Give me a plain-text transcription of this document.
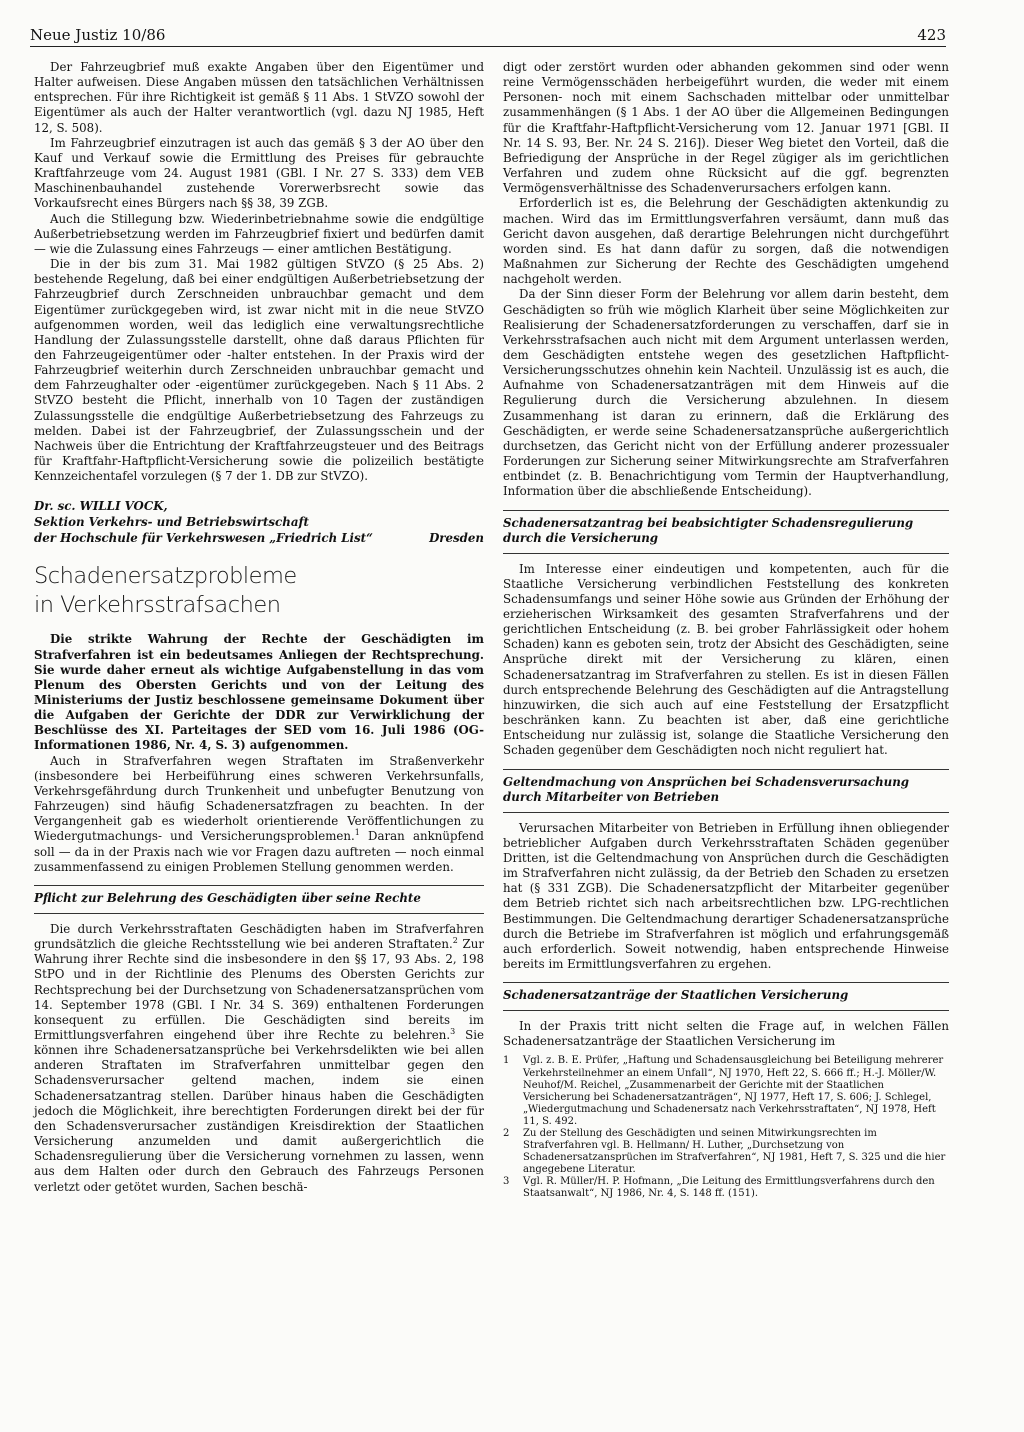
Neue Justiz 10/86	423

Der Fahrzeugbrief muß exakte Angaben über den Eigentümer und Halter aufweisen. Diese Angaben müssen den tatsächlichen Verhältnissen entsprechen. Für ihre Richtigkeit ist gemäß § 11 Abs. 1 StVZO sowohl der Eigentümer als auch der Halter verantwortlich (vgl. dazu NJ 1985, Heft 12, S. 508).

Im Fahrzeugbrief einzutragen ist auch das gemäß § 3 der AO über den Kauf und Verkauf sowie die Ermittlung des Preises für gebrauchte Kraftfahrzeuge vom 24. August 1981 (GBl. I Nr. 27 S. 333) dem VEB Maschinenbauhandel zustehende Vorerwerbsrecht sowie das Vorkaufsrecht eines Bürgers nach §§ 38, 39 ZGB.

Auch die Stillegung bzw. Wiederinbetriebnahme sowie die endgültige Außerbetriebsetzung werden im Fahrzeugbrief fixiert und bedürfen damit — wie die Zulassung eines Fahrzeugs — einer amtlichen Bestätigung.

Die in der bis zum 31. Mai 1982 gültigen StVZO (§ 25 Abs. 2) bestehende Regelung, daß bei einer endgültigen Außerbetriebsetzung der Fahrzeugbrief durch Zerschneiden unbrauchbar gemacht und dem Eigentümer zurückgegeben wird, ist zwar nicht mit in die neue StVZO aufgenommen worden, weil das lediglich eine verwaltungsrechtliche Handlung der Zulassungsstelle darstellt, ohne daß daraus Pflichten für den Fahrzeugeigentümer oder -halter entstehen. In der Praxis wird der Fahrzeugbrief weiterhin durch Zerschneiden unbrauchbar gemacht und dem Fahrzeughalter oder -eigentümer zurückgegeben. Nach § 11 Abs. 2 StVZO besteht die Pflicht, innerhalb von 10 Tagen der zuständigen Zulassungsstelle die endgültige Außerbetriebsetzung des Fahrzeugs zu melden. Dabei ist der Fahrzeugbrief, der Zulassungsschein und der Nachweis über die Entrichtung der Kraftfahrzeugsteuer und des Beitrags für Kraftfahr-Haftpflicht-Versicherung sowie die polizeilich bestätigte Kennzeichentafel vorzulegen (§ 7 der 1. DB zur StVZO).

Dr. sc. WILLI VOCK,
Sektion Verkehrs- und Betriebswirtschaft
der Hochschule für Verkehrswesen „Friedrich List“	Dresden
Schadenersatzprobleme
in Verkehrsstrafsachen

Die strikte Wahrung der Rechte der Geschädigten im Strafverfahren ist ein bedeutsames Anliegen der Rechtsprechung. Sie wurde daher erneut als wichtige Aufgabenstellung in das vom Plenum des Obersten Gerichts und von der Leitung des Ministeriums der Justiz beschlossene gemeinsame Dokument über die Aufgaben der Gerichte der DDR zur Verwirklichung der Beschlüsse des XI. Parteitages der SED vom 16. Juli 1986 (OG-Informationen 1986, Nr. 4, S. 3) aufgenommen.

Auch in Strafverfahren wegen Straftaten im Straßenverkehr (insbesondere bei Herbeiführung eines schweren Verkehrsunfalls, Verkehrsgefährdung durch Trunkenheit und unbefugter Benutzung von Fahrzeugen) sind häufig Schadenersatzfragen zu beachten. In der Vergangenheit gab es wiederholt orientierende Veröffentlichungen zu Wiedergutmachungs- und Versicherungsproblemen.$^1$ Daran anknüpfend soll — da in der Praxis nach wie vor Fragen dazu auftreten — noch einmal zusammenfassend zu einigen Problemen Stellung genommen werden.

Pflicht zur Belehrung des Geschädigten über seine Rechte

Die durch Verkehrsstraftaten Geschädigten haben im Strafverfahren grundsätzlich die gleiche Rechtsstellung wie bei anderen Straftaten.$^2$ Zur Wahrung ihrer Rechte sind die insbesondere in den §§ 17, 93 Abs. 2, 198 StPO und in der Richtlinie des Plenums des Obersten Gerichts zur Rechtsprechung bei der Durchsetzung von Schadenersatzansprüchen vom 14. September 1978 (GBl. I Nr. 34 S. 369) enthaltenen Forderungen konsequent zu erfüllen. Die Geschädigten sind bereits im Ermittlungsverfahren eingehend über ihre Rechte zu belehren.$^3$ Sie können ihre Schadenersatzansprüche bei Verkehrsdelikten wie bei allen anderen Straftaten im Strafverfahren unmittelbar gegen den Schadensverursacher geltend machen, indem sie einen Schadenersatzantrag stellen. Darüber hinaus haben die Geschädigten jedoch die Möglichkeit, ihre berechtigten Forderungen direkt bei der für den Schadensverursacher zuständigen Kreisdirektion der Staatlichen Versicherung anzumelden und damit außergerichtlich die Schadensregulierung über die Versicherung vornehmen zu lassen, wenn aus dem Halten oder durch den Gebrauch des Fahrzeugs Personen verletzt oder getötet wurden, Sachen beschä-

digt oder zerstört wurden oder abhanden gekommen sind oder wenn reine Vermögensschäden herbeigeführt wurden, die weder mit einem Personen- noch mit einem Sachschaden mittelbar oder unmittelbar zusammenhängen (§ 1 Abs. 1 der AO über die Allgemeinen Bedingungen für die Kraftfahr-Haftpflicht-Versicherung vom 12. Januar 1971 [GBl. II Nr. 14 S. 93, Ber. Nr. 24 S. 216]). Dieser Weg bietet den Vorteil, daß die Befriedigung der Ansprüche in der Regel zügiger als im gerichtlichen Verfahren und zudem ohne Rücksicht auf die ggf. begrenzten Vermögensverhältnisse des Schadenverursachers erfolgen kann.

Erforderlich ist es, die Belehrung der Geschädigten aktenkundig zu machen. Wird das im Ermittlungsverfahren versäumt, dann muß das Gericht davon ausgehen, daß derartige Belehrungen nicht durchgeführt worden sind. Es hat dann dafür zu sorgen, daß die notwendigen Maßnahmen zur Sicherung der Rechte des Geschädigten umgehend nachgeholt werden.

Da der Sinn dieser Form der Belehrung vor allem darin besteht, dem Geschädigten so früh wie möglich Klarheit über seine Möglichkeiten zur Realisierung der Schadenersatzforderungen zu verschaffen, darf sie in Verkehrsstrafsachen auch nicht mit dem Argument unterlassen werden, dem Geschädigten entstehe wegen des gesetzlichen Haftpflicht-Versicherungsschutzes ohnehin kein Nachteil. Unzulässig ist es auch, die Aufnahme von Schadenersatzanträgen mit dem Hinweis auf die Regulierung durch die Versicherung abzulehnen. In diesem Zusammenhang ist daran zu erinnern, daß die Erklärung des Geschädigten, er werde seine Schadenersatzansprüche außergerichtlich durchsetzen, das Gericht nicht von der Erfüllung anderer prozessualer Forderungen zur Sicherung seiner Mitwirkungsrechte am Strafverfahren entbindet (z. B. Benachrichtigung vom Termin der Hauptverhandlung, Information über die abschließende Entscheidung).

Schadenersatzantrag bei beabsichtigter Schadensregulierung durch die Versicherung

Im Interesse einer eindeutigen und kompetenten, auch für die Staatliche Versicherung verbindlichen Feststellung des konkreten Schadensumfangs und seiner Höhe sowie aus Gründen der Erhöhung der erzieherischen Wirksamkeit des gesamten Strafverfahrens und der gerichtlichen Entscheidung (z. B. bei grober Fahrlässigkeit oder hohem Schaden) kann es geboten sein, trotz der Absicht des Geschädigten, seine Ansprüche direkt mit der Versicherung zu klären, einen Schadenersatzantrag im Strafverfahren zu stellen. Es ist in diesen Fällen durch entsprechende Belehrung des Geschädigten auf die Antragstellung hinzuwirken, die sich auch auf eine Feststellung der Ersatzpflicht beschränken kann. Zu beachten ist aber, daß eine gerichtliche Entscheidung nur zulässig ist, solange die Staatliche Versicherung den Schaden gegenüber dem Geschädigten noch nicht reguliert hat.

Geltendmachung von Ansprüchen bei Schadensverursachung durch Mitarbeiter von Betrieben

Verursachen Mitarbeiter von Betrieben in Erfüllung ihnen obliegender betrieblicher Aufgaben durch Verkehrsstraftaten Schäden gegenüber Dritten, ist die Geltendmachung von Ansprüchen durch die Geschädigten im Strafverfahren nicht zulässig, da der Betrieb den Schaden zu ersetzen hat (§ 331 ZGB). Die Schadenersatzpflicht der Mitarbeiter gegenüber dem Betrieb richtet sich nach arbeitsrechtlichen bzw. LPG-rechtlichen Bestimmungen. Die Geltendmachung derartiger Schadenersatzansprüche durch die Betriebe im Strafverfahren ist möglich und erfahrungsgemäß auch erforderlich. Soweit notwendig, haben entsprechende Hinweise bereits im Ermittlungsverfahren zu ergehen.

Schadenersatzanträge der Staatlichen Versicherung

In der Praxis tritt nicht selten die Frage auf, in welchen Fällen Schadenersatzanträge der Staatlichen Versicherung im

1	Vgl. z. B. E. Prüfer, „Haftung und Schadensausgleichung bei Beteiligung mehrerer Verkehrsteilnehmer an einem Unfall“, NJ 1970, Heft 22, S. 666 ff.; H.-J. Möller/W. Neuhof/M. Reichel, „Zusammenarbeit der Gerichte mit der Staatlichen Versicherung bei Schadenersatzanträgen“, NJ 1977, Heft 17, S. 606; J. Schlegel, „Wiedergutmachung und Schadenersatz nach Verkehrsstraftaten“, NJ 1978, Heft 11, S. 492.
2	Zu der Stellung des Geschädigten und seinen Mitwirkungsrechten im Strafverfahren vgl. B. Hellmann/ H. Luther, „Durchsetzung von Schadenersatzansprüchen im Strafverfahren“, NJ 1981, Heft 7, S. 325 und die hier angegebene Literatur.
3	Vgl. R. Müller/H. P. Hofmann, „Die Leitung des Ermittlungsverfahrens durch den Staatsanwalt“, NJ 1986, Nr. 4, S. 148 ff. (151).
